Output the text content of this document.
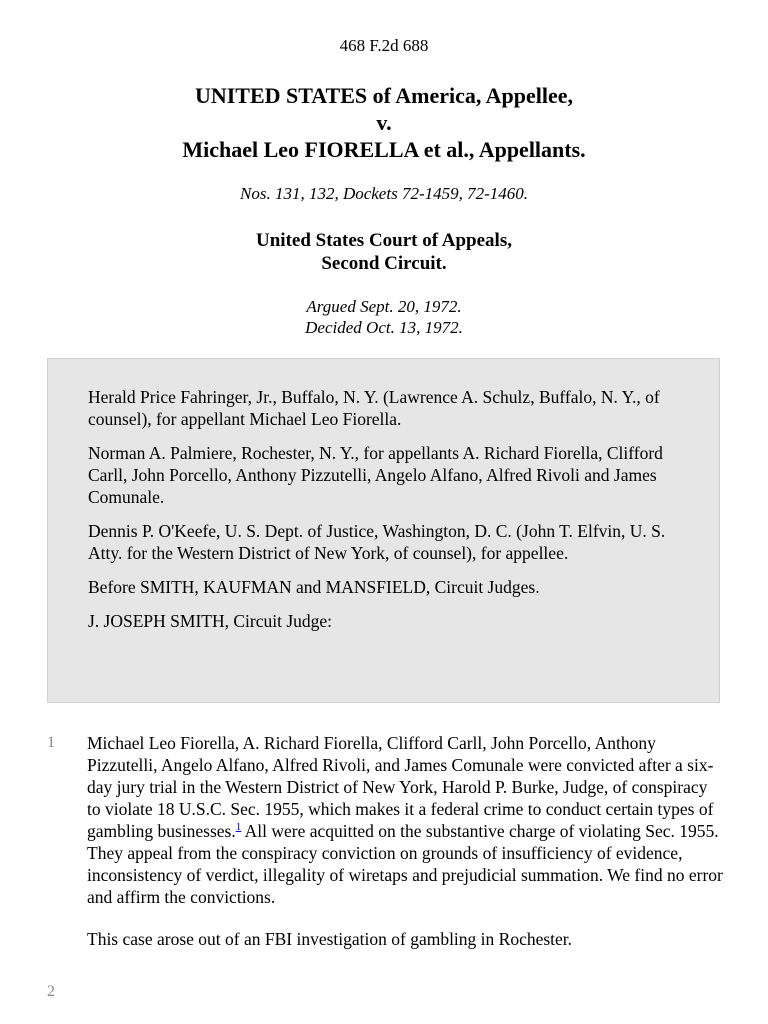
468 F.2d 688
UNITED STATES of America, Appellee,
v.
Michael Leo FIORELLA et al., Appellants.
Nos. 131, 132, Dockets 72-1459, 72-1460.
United States Court of Appeals,
Second Circuit.
Argued Sept. 20, 1972.
Decided Oct. 13, 1972.

Herald Price Fahringer, Jr., Buffalo, N. Y. (Lawrence A. Schulz, Buffalo, N. Y., of counsel), for appellant Michael Leo Fiorella.

Norman A. Palmiere, Rochester, N. Y., for appellants A. Richard Fiorella, Clifford Carll, John Porcello, Anthony Pizzutelli, Angelo Alfano, Alfred Rivoli and James Comunale.

Dennis P. O'Keefe, U. S. Dept. of Justice, Washington, D. C. (John T. Elfvin, U. S. Atty. for the Western District of New York, of counsel), for appellee.

Before SMITH, KAUFMAN and MANSFIELD, Circuit Judges.

J. JOSEPH SMITH, Circuit Judge:

1 Michael Leo Fiorella, A. Richard Fiorella, Clifford Carll, John Porcello, Anthony Pizzutelli, Angelo Alfano, Alfred Rivoli, and James Comunale were convicted after a six-day jury trial in the Western District of New York, Harold P. Burke, Judge, of conspiracy to violate 18 U.S.C. Sec. 1955, which makes it a federal crime to conduct certain types of gambling businesses.$^1$ All were acquitted on the substantive charge of violating Sec. 1955. They appeal from the conspiracy conviction on grounds of insufficiency of evidence, inconsistency of verdict, illegality of wiretaps and prejudicial summation. We find no error and affirm the convictions.
This case arose out of an FBI investigation of gambling in Rochester.
2
